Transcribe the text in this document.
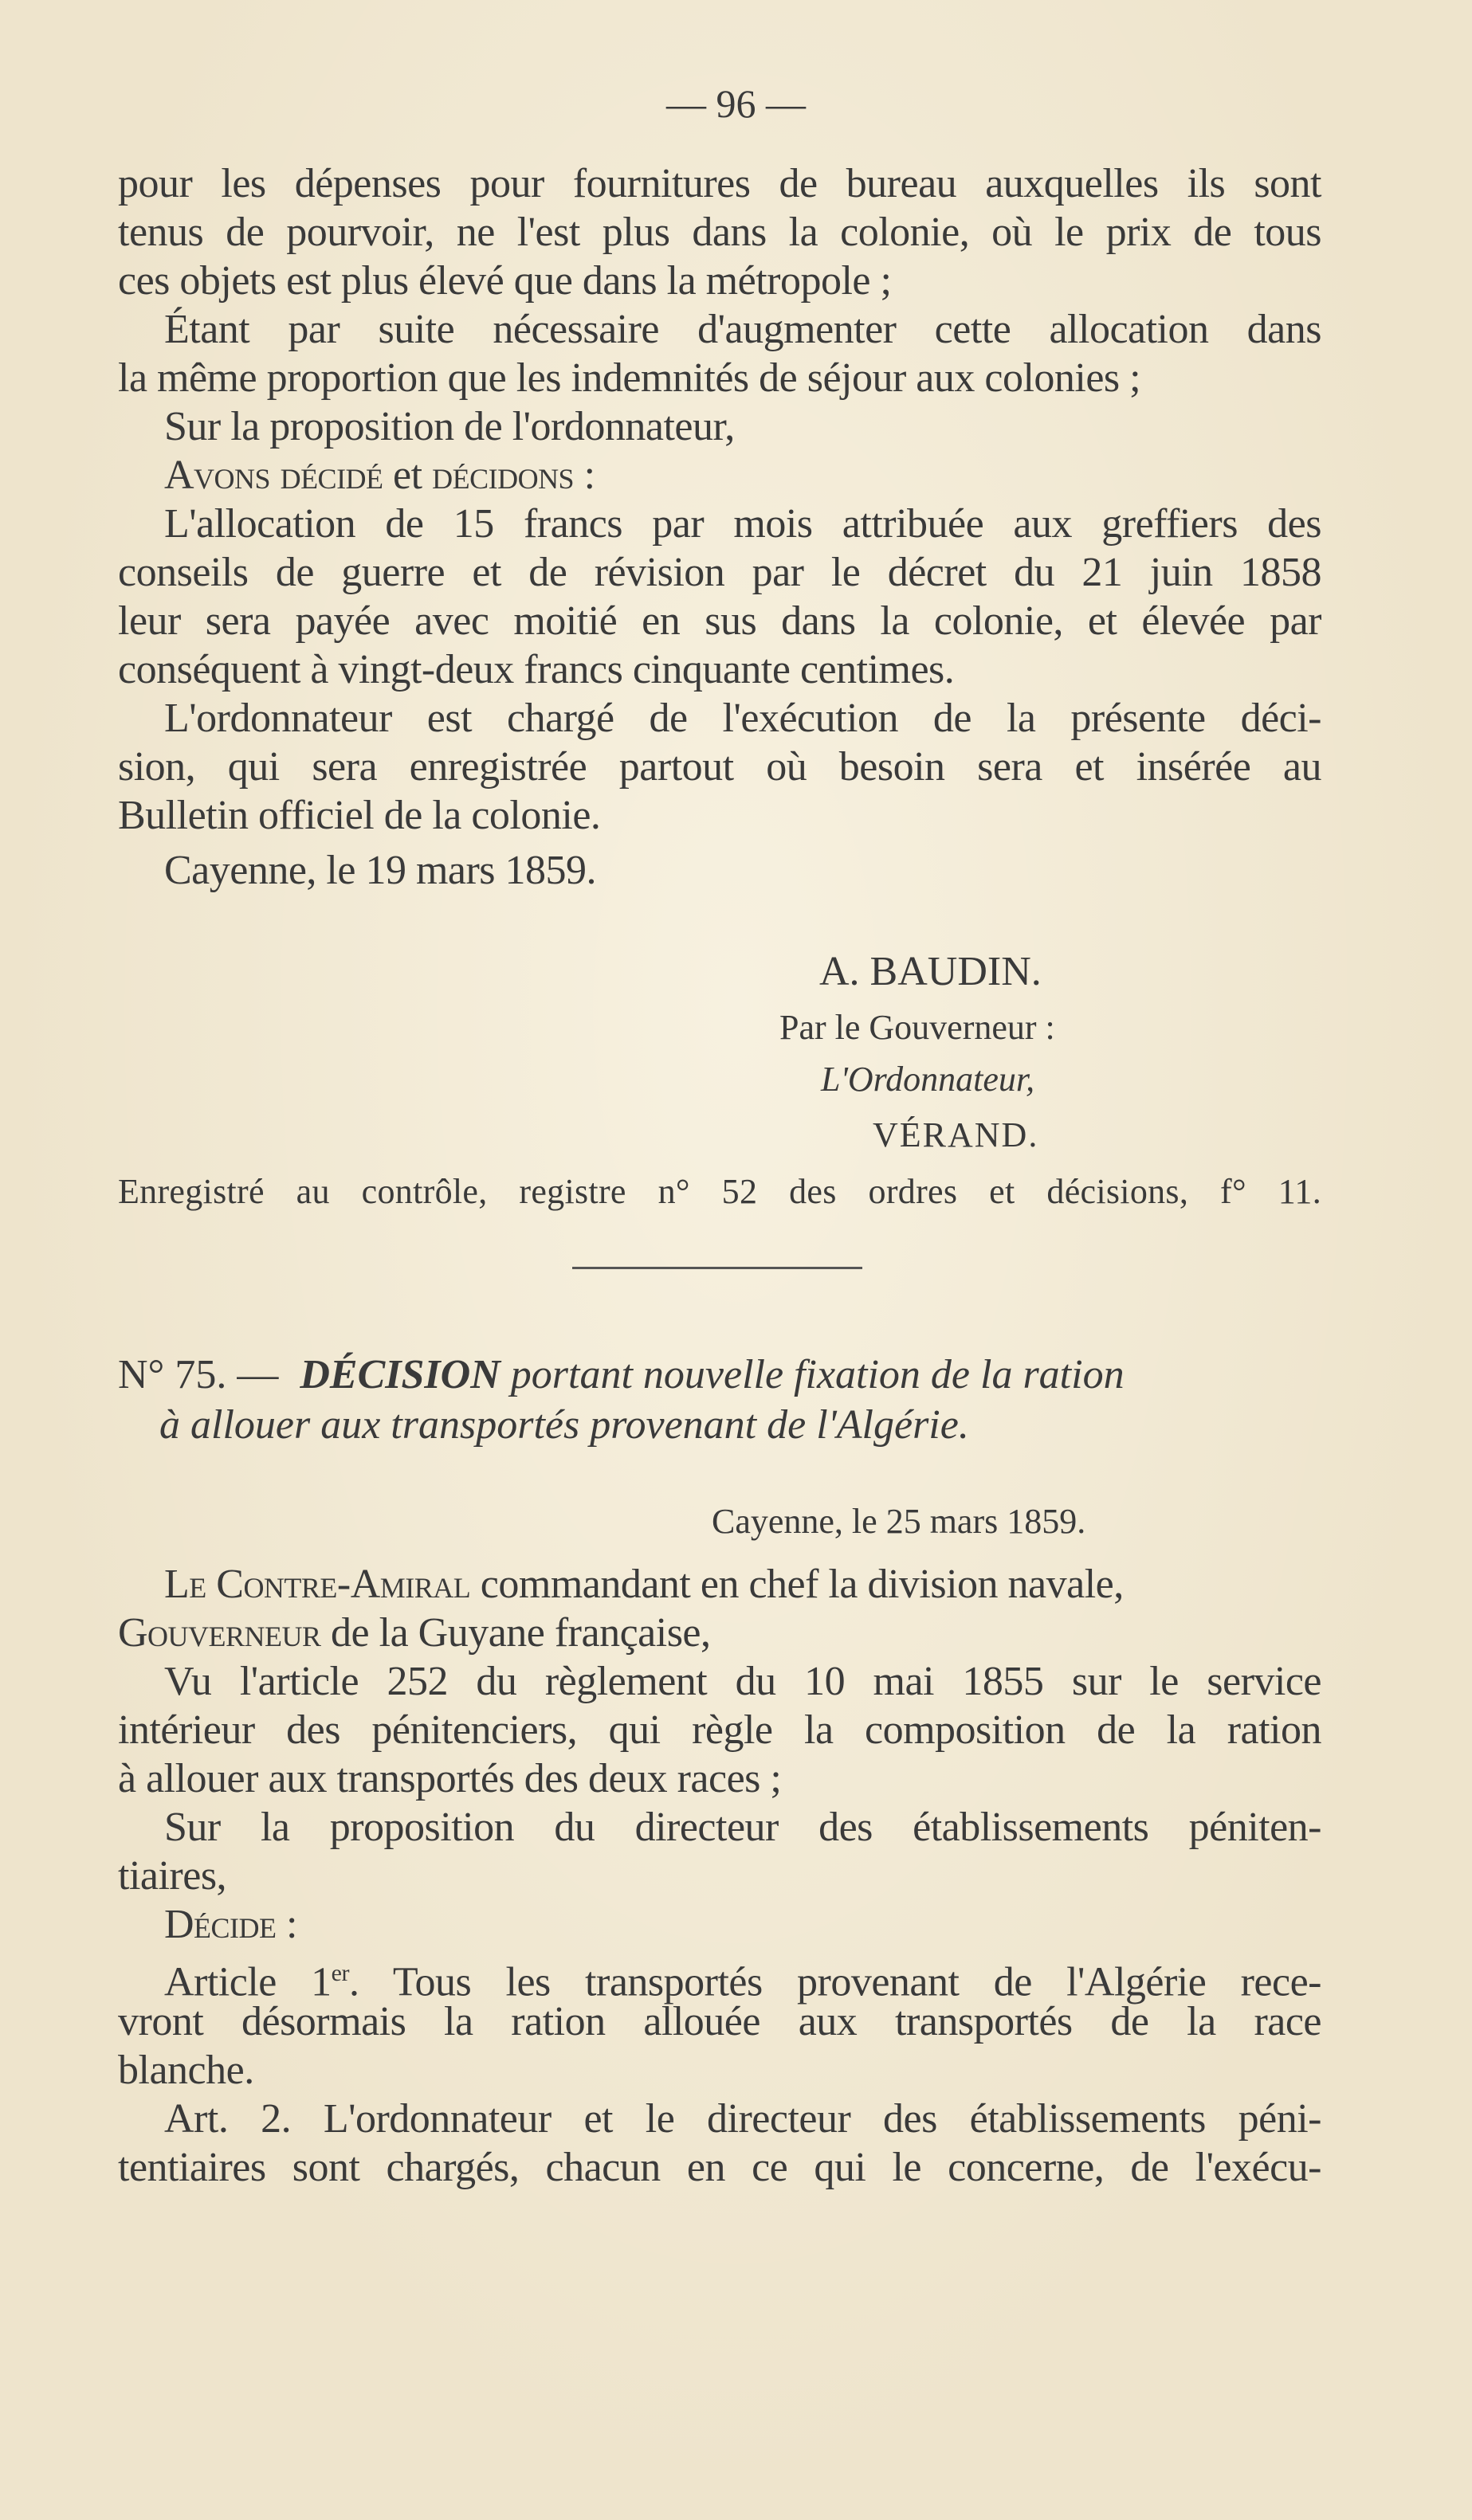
— 96 —
pour les dépenses pour fournitures de bureau auxquelles ils sont
tenus de pourvoir, ne l'est plus dans la colonie, où le prix de tous
ces objets est plus élevé que dans la métropole ;
Étant par suite nécessaire d'augmenter cette allocation dans
la même proportion que les indemnités de séjour aux colonies ;
Sur la proposition de l'ordonnateur,
Avons décidé et décidons :
L'allocation de 15 francs par mois attribuée aux greffiers des
conseils de guerre et de révision par le décret du 21 juin 1858
leur sera payée avec moitié en sus dans la colonie, et élevée par
conséquent à vingt-deux francs cinquante centimes.
L'ordonnateur est chargé de l'exécution de la présente déci-
sion, qui sera enregistrée partout où besoin sera et insérée au
Bulletin officiel de la colonie.
Cayenne, le 19 mars 1859.
A. BAUDIN.
Par le Gouverneur :
L'Ordonnateur,
VÉRAND.
Enregistré au contrôle, registre n° 52 des ordres et décisions, f° 11.
N° 75. — DÉCISION portant nouvelle fixation de la ration
à allouer aux transportés provenant de l'Algérie.
Cayenne, le 25 mars 1859.
Le Contre-Amiral commandant en chef la division navale,
Gouverneur de la Guyane française,
Vu l'article 252 du règlement du 10 mai 1855 sur le service
intérieur des pénitenciers, qui règle la composition de la ration
à allouer aux transportés des deux races ;
Sur la proposition du directeur des établissements péniten-
tiaires,
Décide :
Article 1er. Tous les transportés provenant de l'Algérie rece-
vront désormais la ration allouée aux transportés de la race
blanche.
Art. 2. L'ordonnateur et le directeur des établissements péni-
tentiaires sont chargés, chacun en ce qui le concerne, de l'exécu-
